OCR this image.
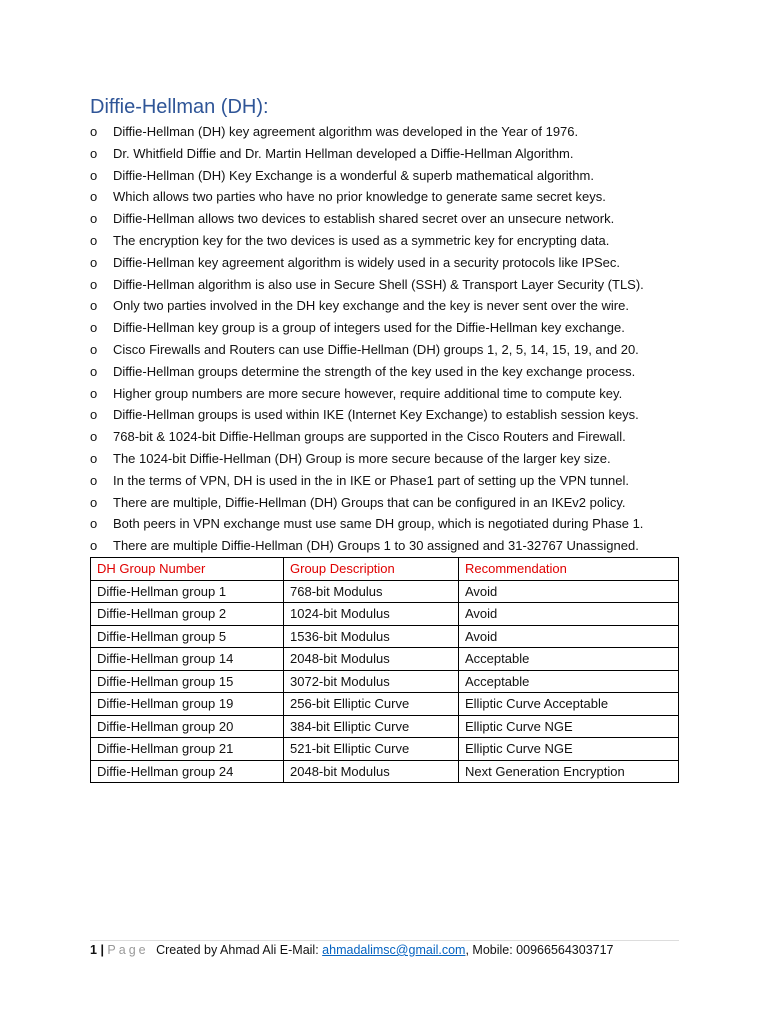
Diffie-Hellman (DH):
o Diffie-Hellman (DH) key agreement algorithm was developed in the Year of 1976.
o Dr. Whitfield Diffie and Dr. Martin Hellman developed a Diffie-Hellman Algorithm.
o Diffie-Hellman (DH) Key Exchange is a wonderful & superb mathematical algorithm.
o Which allows two parties who have no prior knowledge to generate same secret keys.
o Diffie-Hellman allows two devices to establish shared secret over an unsecure network.
o The encryption key for the two devices is used as a symmetric key for encrypting data.
o Diffie-Hellman key agreement algorithm is widely used in a security protocols like IPSec.
o Diffie-Hellman algorithm is also use in Secure Shell (SSH) & Transport Layer Security (TLS).
o Only two parties involved in the DH key exchange and the key is never sent over the wire.
o Diffie-Hellman key group is a group of integers used for the Diffie-Hellman key exchange.
o Cisco Firewalls and Routers can use Diffie-Hellman (DH) groups 1, 2, 5, 14, 15, 19, and 20.
o Diffie-Hellman groups determine the strength of the key used in the key exchange process.
o Higher group numbers are more secure however, require additional time to compute key.
o Diffie-Hellman groups is used within IKE (Internet Key Exchange) to establish session keys.
o 768-bit & 1024-bit Diffie-Hellman groups are supported in the Cisco Routers and Firewall.
o The 1024-bit Diffie-Hellman (DH) Group is more secure because of the larger key size.
o In the terms of VPN, DH is used in the in IKE or Phase1 part of setting up the VPN tunnel.
o There are multiple, Diffie-Hellman (DH) Groups that can be configured in an IKEv2 policy.
o Both peers in VPN exchange must use same DH group, which is negotiated during Phase 1.
o There are multiple Diffie-Hellman (DH) Groups 1 to 30 assigned and 31-32767 Unassigned.
DH Group Number	Group Description	Recommendation
Diffie-Hellman group 1	768-bit Modulus	Avoid
Diffie-Hellman group 2	1024-bit Modulus	Avoid
Diffie-Hellman group 5	1536-bit Modulus	Avoid
Diffie-Hellman group 14	2048-bit Modulus	Acceptable
Diffie-Hellman group 15	3072-bit Modulus	Acceptable
Diffie-Hellman group 19	256-bit Elliptic Curve	Elliptic Curve Acceptable
Diffie-Hellman group 20	384-bit Elliptic Curve	Elliptic Curve NGE
Diffie-Hellman group 21	521-bit Elliptic Curve	Elliptic Curve NGE
Diffie-Hellman group 24	2048-bit Modulus	Next Generation Encryption
1 | Page Created by Ahmad Ali E-Mail: ahmadalimsc@gmail.com, Mobile: 00966564303717
